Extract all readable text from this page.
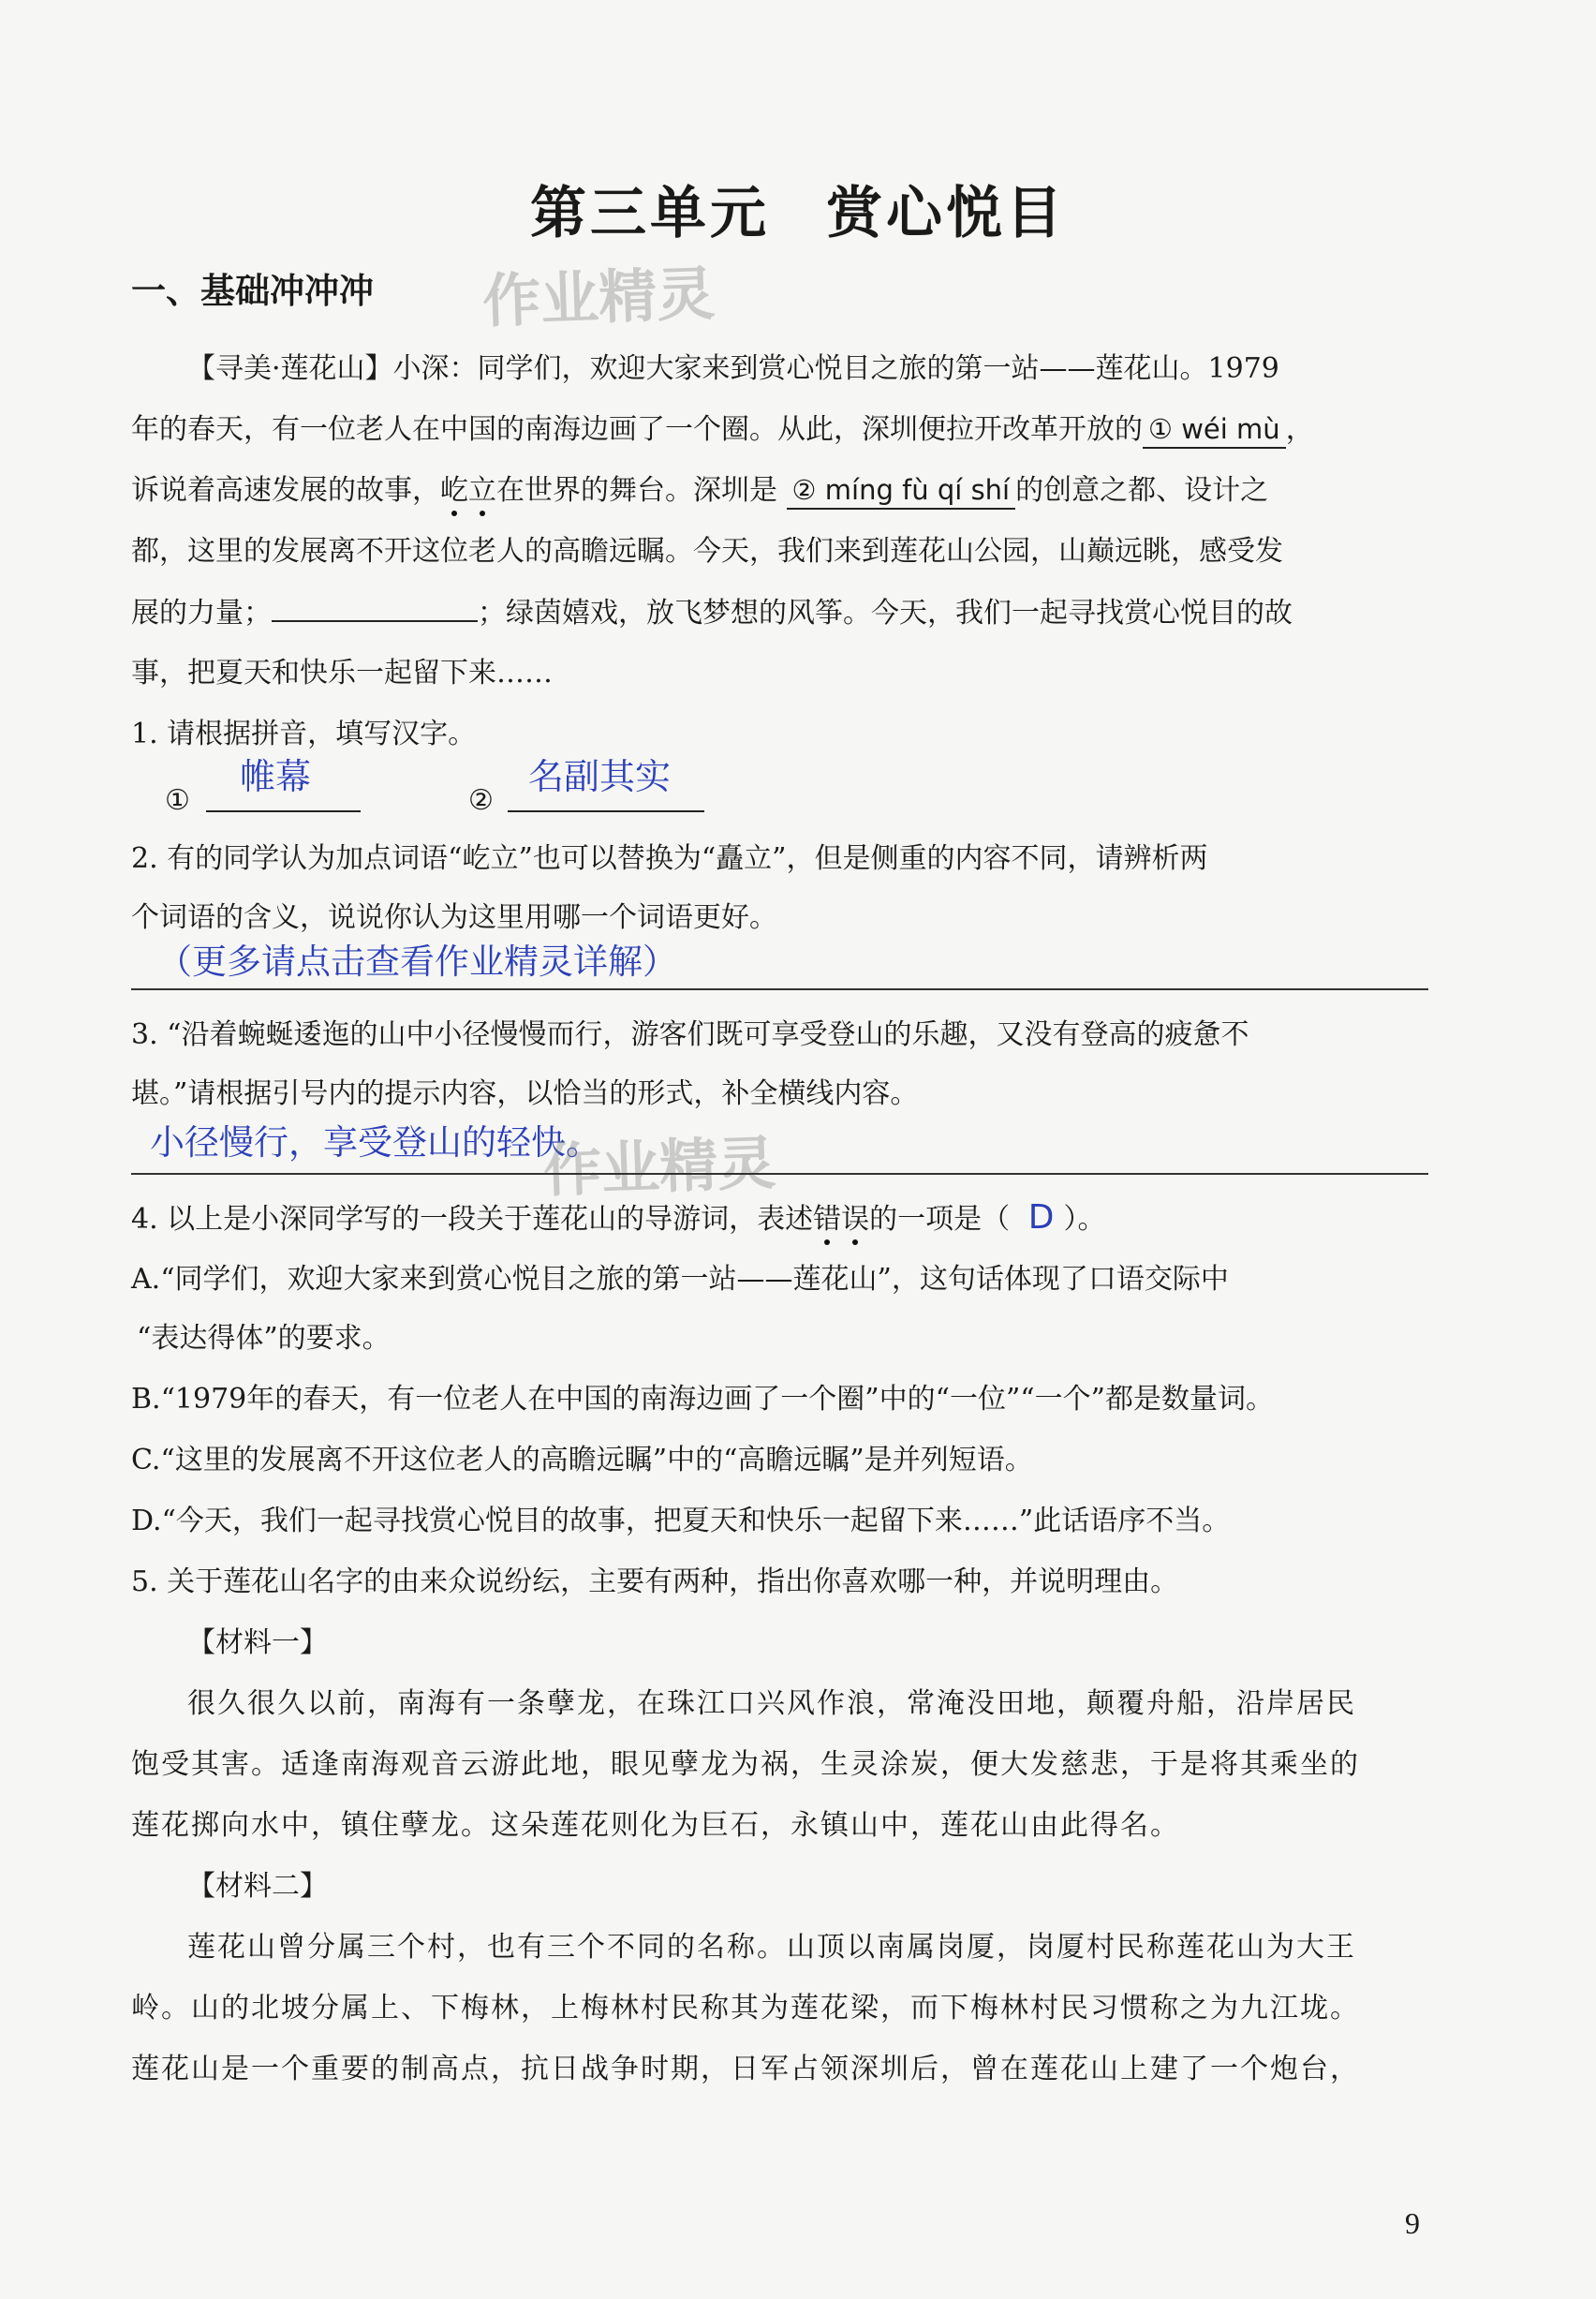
第三单元 赏心悦目
一、基础冲冲冲 作业精灵
【寻美·莲花山】小深：同学们，欢迎大家来到赏心悦目之旅的第一站——莲花山。1979
年的春天，有一位老人在中国的南海边画了一个圈。从此，深圳便拉开改革开放的 ① wéi mù ，
诉说着高速发展的故事，屹立在世界的舞台。深圳是 ② míng fù qí shí 的创意之都、设计之
都，这里的发展离不开这位老人的高瞻远瞩。今天，我们来到莲花山公园，山巅远眺，感受发
展的力量；	；绿茵嬉戏，放飞梦想的风筝。今天，我们一起寻找赏心悦目的故
事，把夏天和快乐一起留下来……
1. 请根据拼音，填写汉字。
①
帷幕
②
名副其实
2. 有的同学认为加点词语“屹立”也可以替换为“矗立”，但是侧重的内容不同，请辨析两
个词语的含义，说说你认为这里用哪一个词语更好。
（更多请点击查看作业精灵详解）
3. “沿着蜿蜒逶迤的山中小径慢慢而行，游客们既可享受登山的乐趣，又没有登高的疲惫不
堪。”请根据引号内的提示内容，以恰当的形式，补全横线内容。
小径慢行，享受登山的轻快。
作业精灵
4. 以上是小深同学写的一段关于莲花山的导游词，表述错误的一项是（ D ）。
A.“同学们，欢迎大家来到赏心悦目之旅的第一站——莲花山”，这句话体现了口语交际中
“表达得体”的要求。
B.“1979年的春天，有一位老人在中国的南海边画了一个圈”中的“一位”“一个”都是数量词。
C.“这里的发展离不开这位老人的高瞻远瞩”中的“高瞻远瞩”是并列短语。
D.“今天，我们一起寻找赏心悦目的故事，把夏天和快乐一起留下来……”此话语序不当。
5. 关于莲花山名字的由来众说纷纭，主要有两种，指出你喜欢哪一种，并说明理由。
【材料一】
很久很久以前，南海有一条孽龙，在珠江口兴风作浪，常淹没田地，颠覆舟船，沿岸居民
饱受其害。适逢南海观音云游此地，眼见孽龙为祸，生灵涂炭，便大发慈悲，于是将其乘坐的
莲花掷向水中，镇住孽龙。这朵莲花则化为巨石，永镇山中，莲花山由此得名。
【材料二】
莲花山曾分属三个村，也有三个不同的名称。山顶以南属岗厦，岗厦村民称莲花山为大王
岭。山的北坡分属上、下梅林，上梅林村民称其为莲花梁，而下梅林村民习惯称之为九江垅。
莲花山是一个重要的制高点，抗日战争时期，日军占领深圳后，曾在莲花山上建了一个炮台，
9
